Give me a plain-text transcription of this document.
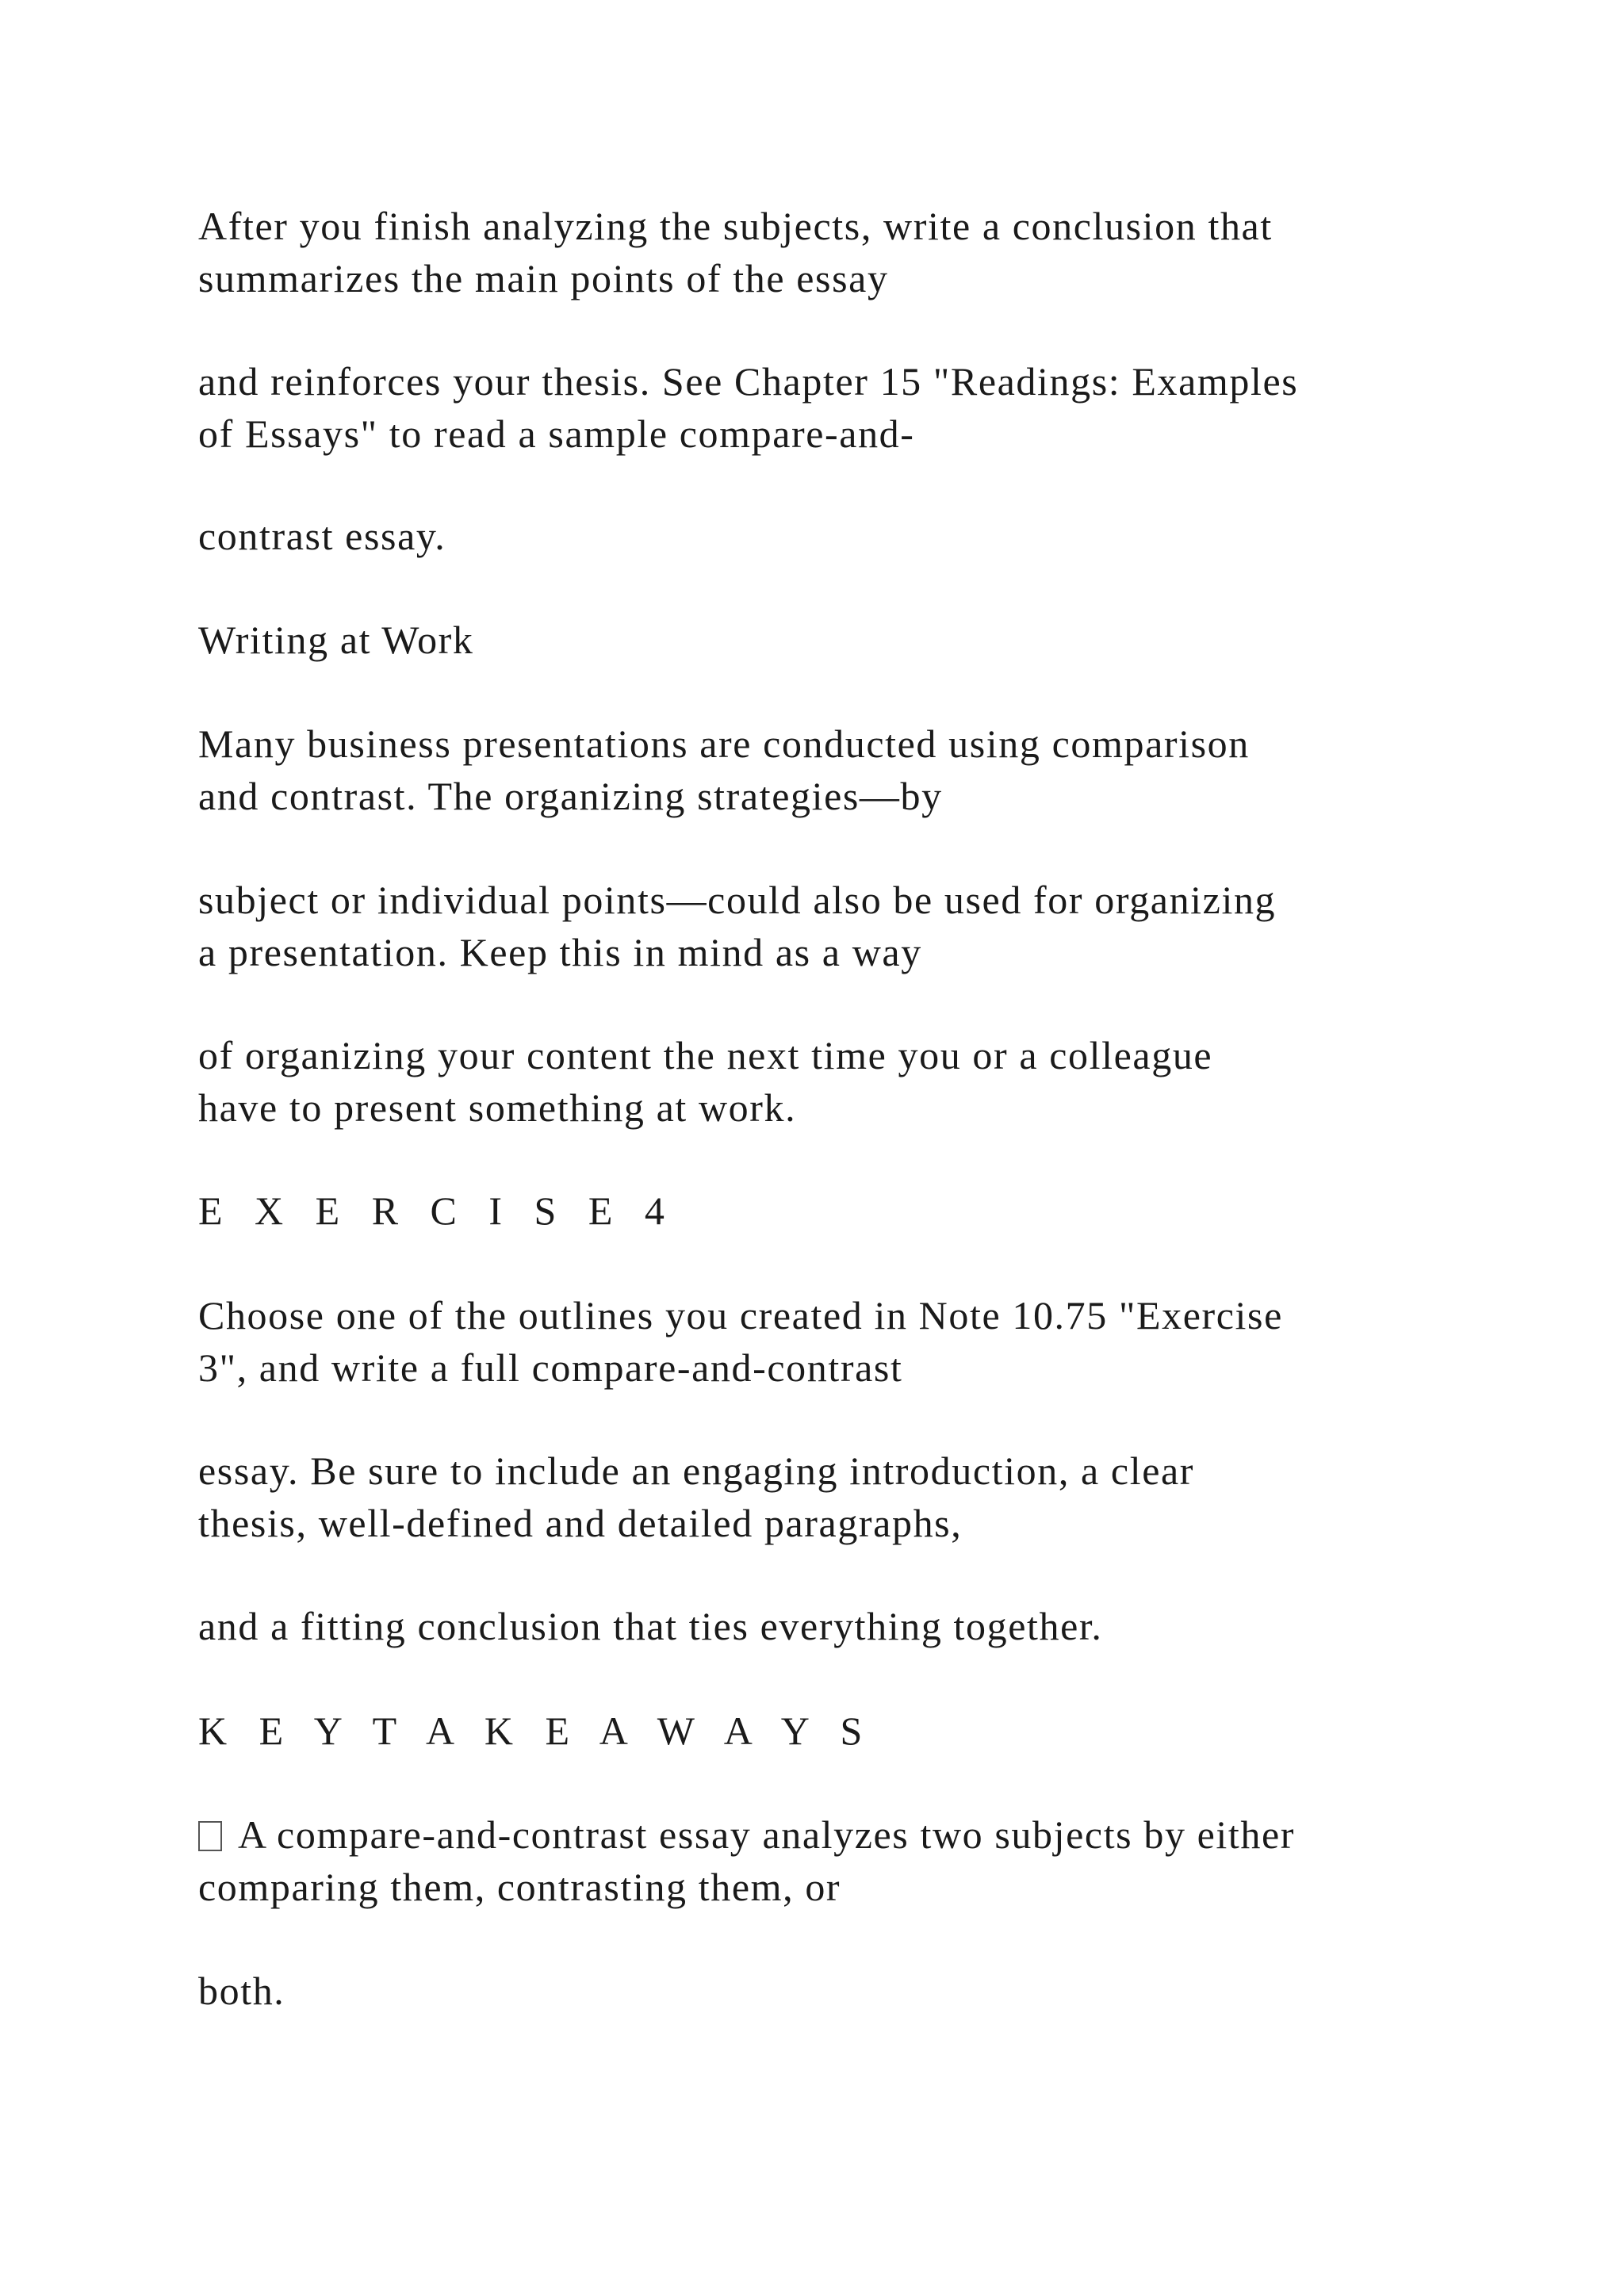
After you finish analyzing the subjects, write a conclusion that
summarizes the main points of the essay
and reinforces your thesis. See Chapter 15 "Readings: Examples
of Essays" to read a sample compare-and-
contrast essay.
Writing at Work
Many business presentations are conducted using comparison
and contrast. The organizing strategies—by
subject or individual points—could also be used for organizing
a presentation. Keep this in mind as a way
of organizing your content the next time you or a colleague
have to present something at work.
E X E R C I S E 4
Choose one of the outlines you created in Note 10.75 "Exercise
3", and write a full compare-and-contrast
essay. Be sure to include an engaging introduction, a clear
thesis, well-defined and detailed paragraphs,
and a fitting conclusion that ties everything together.
K E Y T A K E A W A Y S
A compare-and-contrast essay analyzes two subjects by either
comparing them, contrasting them, or
both.
